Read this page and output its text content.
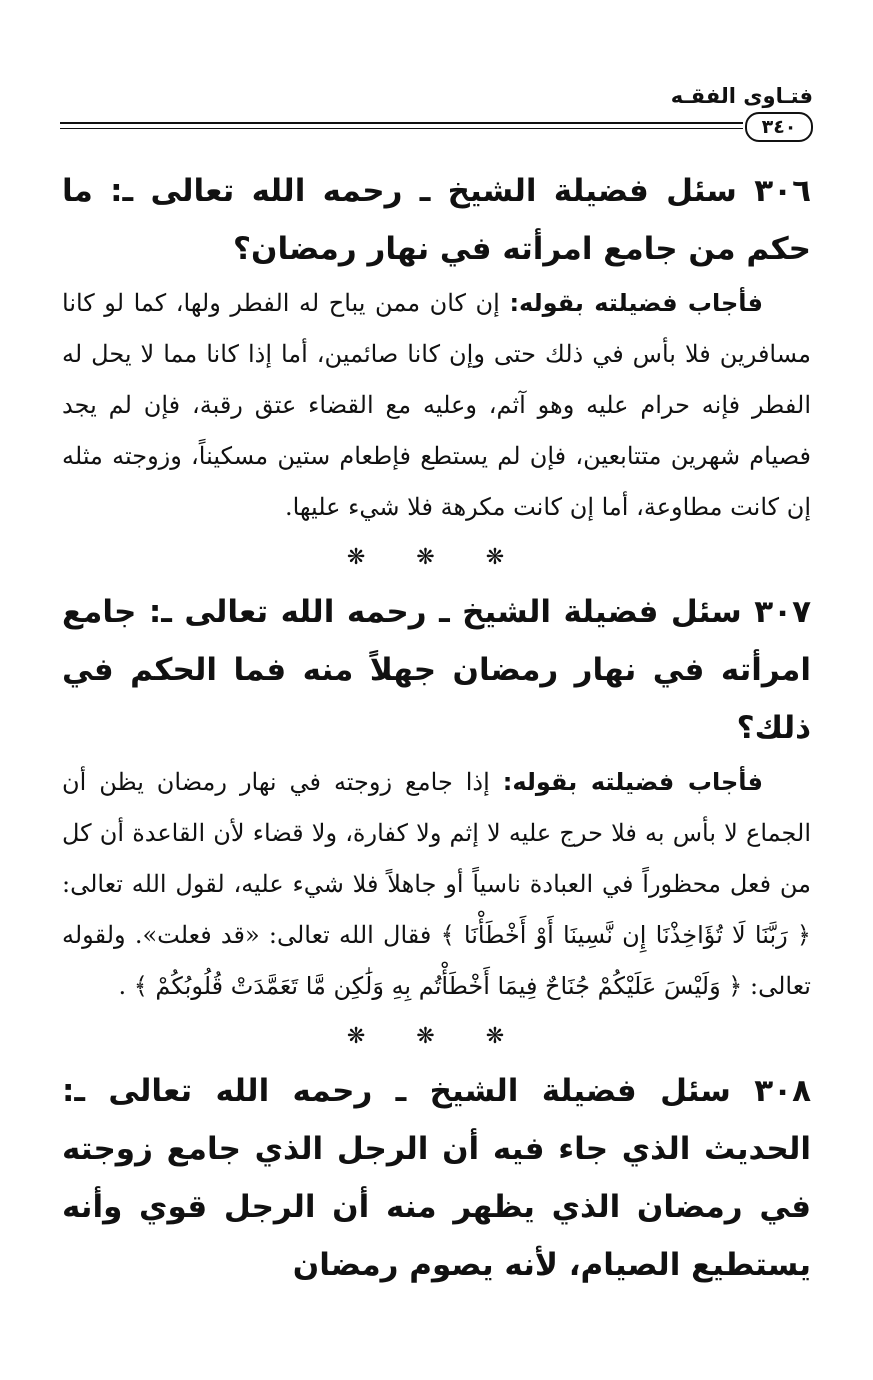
فتـاوى الفقـه
٣٤٠

٣٠٦ سئل فضيلة الشيخ ـ رحمه الله تعالى ـ: ما حكم من جامع امرأته في نهار رمضان؟

فأجاب فضيلته بقوله: إن كان ممن يباح له الفطر ولها، كما لو كانا مسافرين فلا بأس في ذلك حتى وإن كانا صائمين، أما إذا كانا مما لا يحل له الفطر فإنه حرام عليه وهو آثم، وعليه مع القضاء عتق رقبة، فإن لم يجد فصيام شهرين متتابعين، فإن لم يستطع فإطعام ستين مسكيناً، وزوجته مثله إن كانت مطاوعة، أما إن كانت مكرهة فلا شيء عليها.

❋ ❋ ❋

٣٠٧ سئل فضيلة الشيخ ـ رحمه الله تعالى ـ: جامع امرأته في نهار رمضان جهلاً منه فما الحكم في ذلك؟

فأجاب فضيلته بقوله: إذا جامع زوجته في نهار رمضان يظن أن الجماع لا بأس به فلا حرج عليه لا إثم ولا كفارة، ولا قضاء لأن القاعدة أن كل من فعل محظوراً في العبادة ناسياً أو جاهلاً فلا شيء عليه، لقول الله تعالى: ﴿ رَبَّنَا لَا تُؤَاخِذْنَا إِن نَّسِينَا أَوْ أَخْطَأْنَا ﴾ فقال الله تعالى: «قد فعلت». ولقوله تعالى: ﴿ وَلَيْسَ عَلَيْكُمْ جُنَاحٌ فِيمَا أَخْطَأْتُم بِهِ وَلَٰكِن مَّا تَعَمَّدَتْ قُلُوبُكُمْ ﴾ .

❋ ❋ ❋

٣٠٨ سئل فضيلة الشيخ ـ رحمه الله تعالى ـ: الحديث الذي جاء فيه أن الرجل الذي جامع زوجته في رمضان الذي يظهر منه أن الرجل قوي وأنه يستطيع الصيام، لأنه يصوم رمضان
